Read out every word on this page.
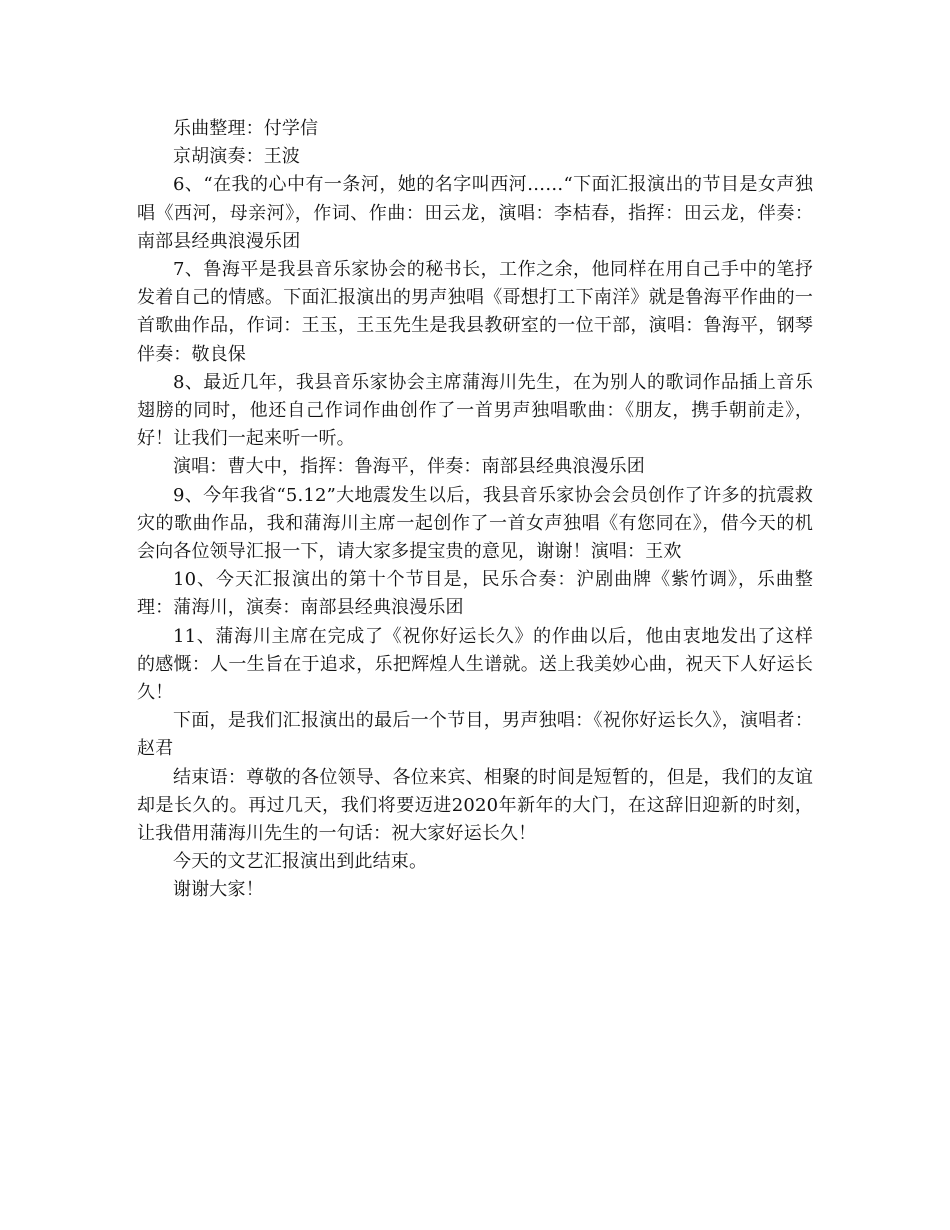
乐曲整理：付学信

京胡演奏：王波

6、“在我的心中有一条河，她的名字叫西河……“下面汇报演出的节目是女声独唱《西河，母亲河》，作词、作曲：田云龙，演唱：李桔春，指挥：田云龙，伴奏：南部县经典浪漫乐团

7、鲁海平是我县音乐家协会的秘书长，工作之余，他同样在用自己手中的笔抒发着自己的情感。下面汇报演出的男声独唱《哥想打工下南洋》就是鲁海平作曲的一首歌曲作品，作词：王玉，王玉先生是我县教研室的一位干部，演唱：鲁海平，钢琴伴奏：敬良保

8、最近几年，我县音乐家协会主席蒲海川先生，在为别人的歌词作品插上音乐翅膀的同时，他还自己作词作曲创作了一首男声独唱歌曲：《朋友，携手朝前走》，好！让我们一起来听一听。

演唱：曹大中，指挥：鲁海平，伴奏：南部县经典浪漫乐团

9、今年我省“5.12”大地震发生以后，我县音乐家协会会员创作了许多的抗震救灾的歌曲作品，我和蒲海川主席一起创作了一首女声独唱《有您同在》，借今天的机会向各位领导汇报一下，请大家多提宝贵的意见，谢谢！演唱：王欢

10、今天汇报演出的第十个节目是，民乐合奏：沪剧曲牌《紫竹调》，乐曲整理：蒲海川，演奏：南部县经典浪漫乐团

11、蒲海川主席在完成了《祝你好运长久》的作曲以后，他由衷地发出了这样的感慨：人一生旨在于追求，乐把辉煌人生谱就。送上我美妙心曲，祝天下人好运长久！

下面，是我们汇报演出的最后一个节目，男声独唱：《祝你好运长久》，演唱者：赵君

结束语：尊敬的各位领导、各位来宾、相聚的时间是短暂的，但是，我们的友谊却是长久的。再过几天，我们将要迈进2020年新年的大门，在这辞旧迎新的时刻，让我借用蒲海川先生的一句话：祝大家好运长久！

今天的文艺汇报演出到此结束。

谢谢大家！
